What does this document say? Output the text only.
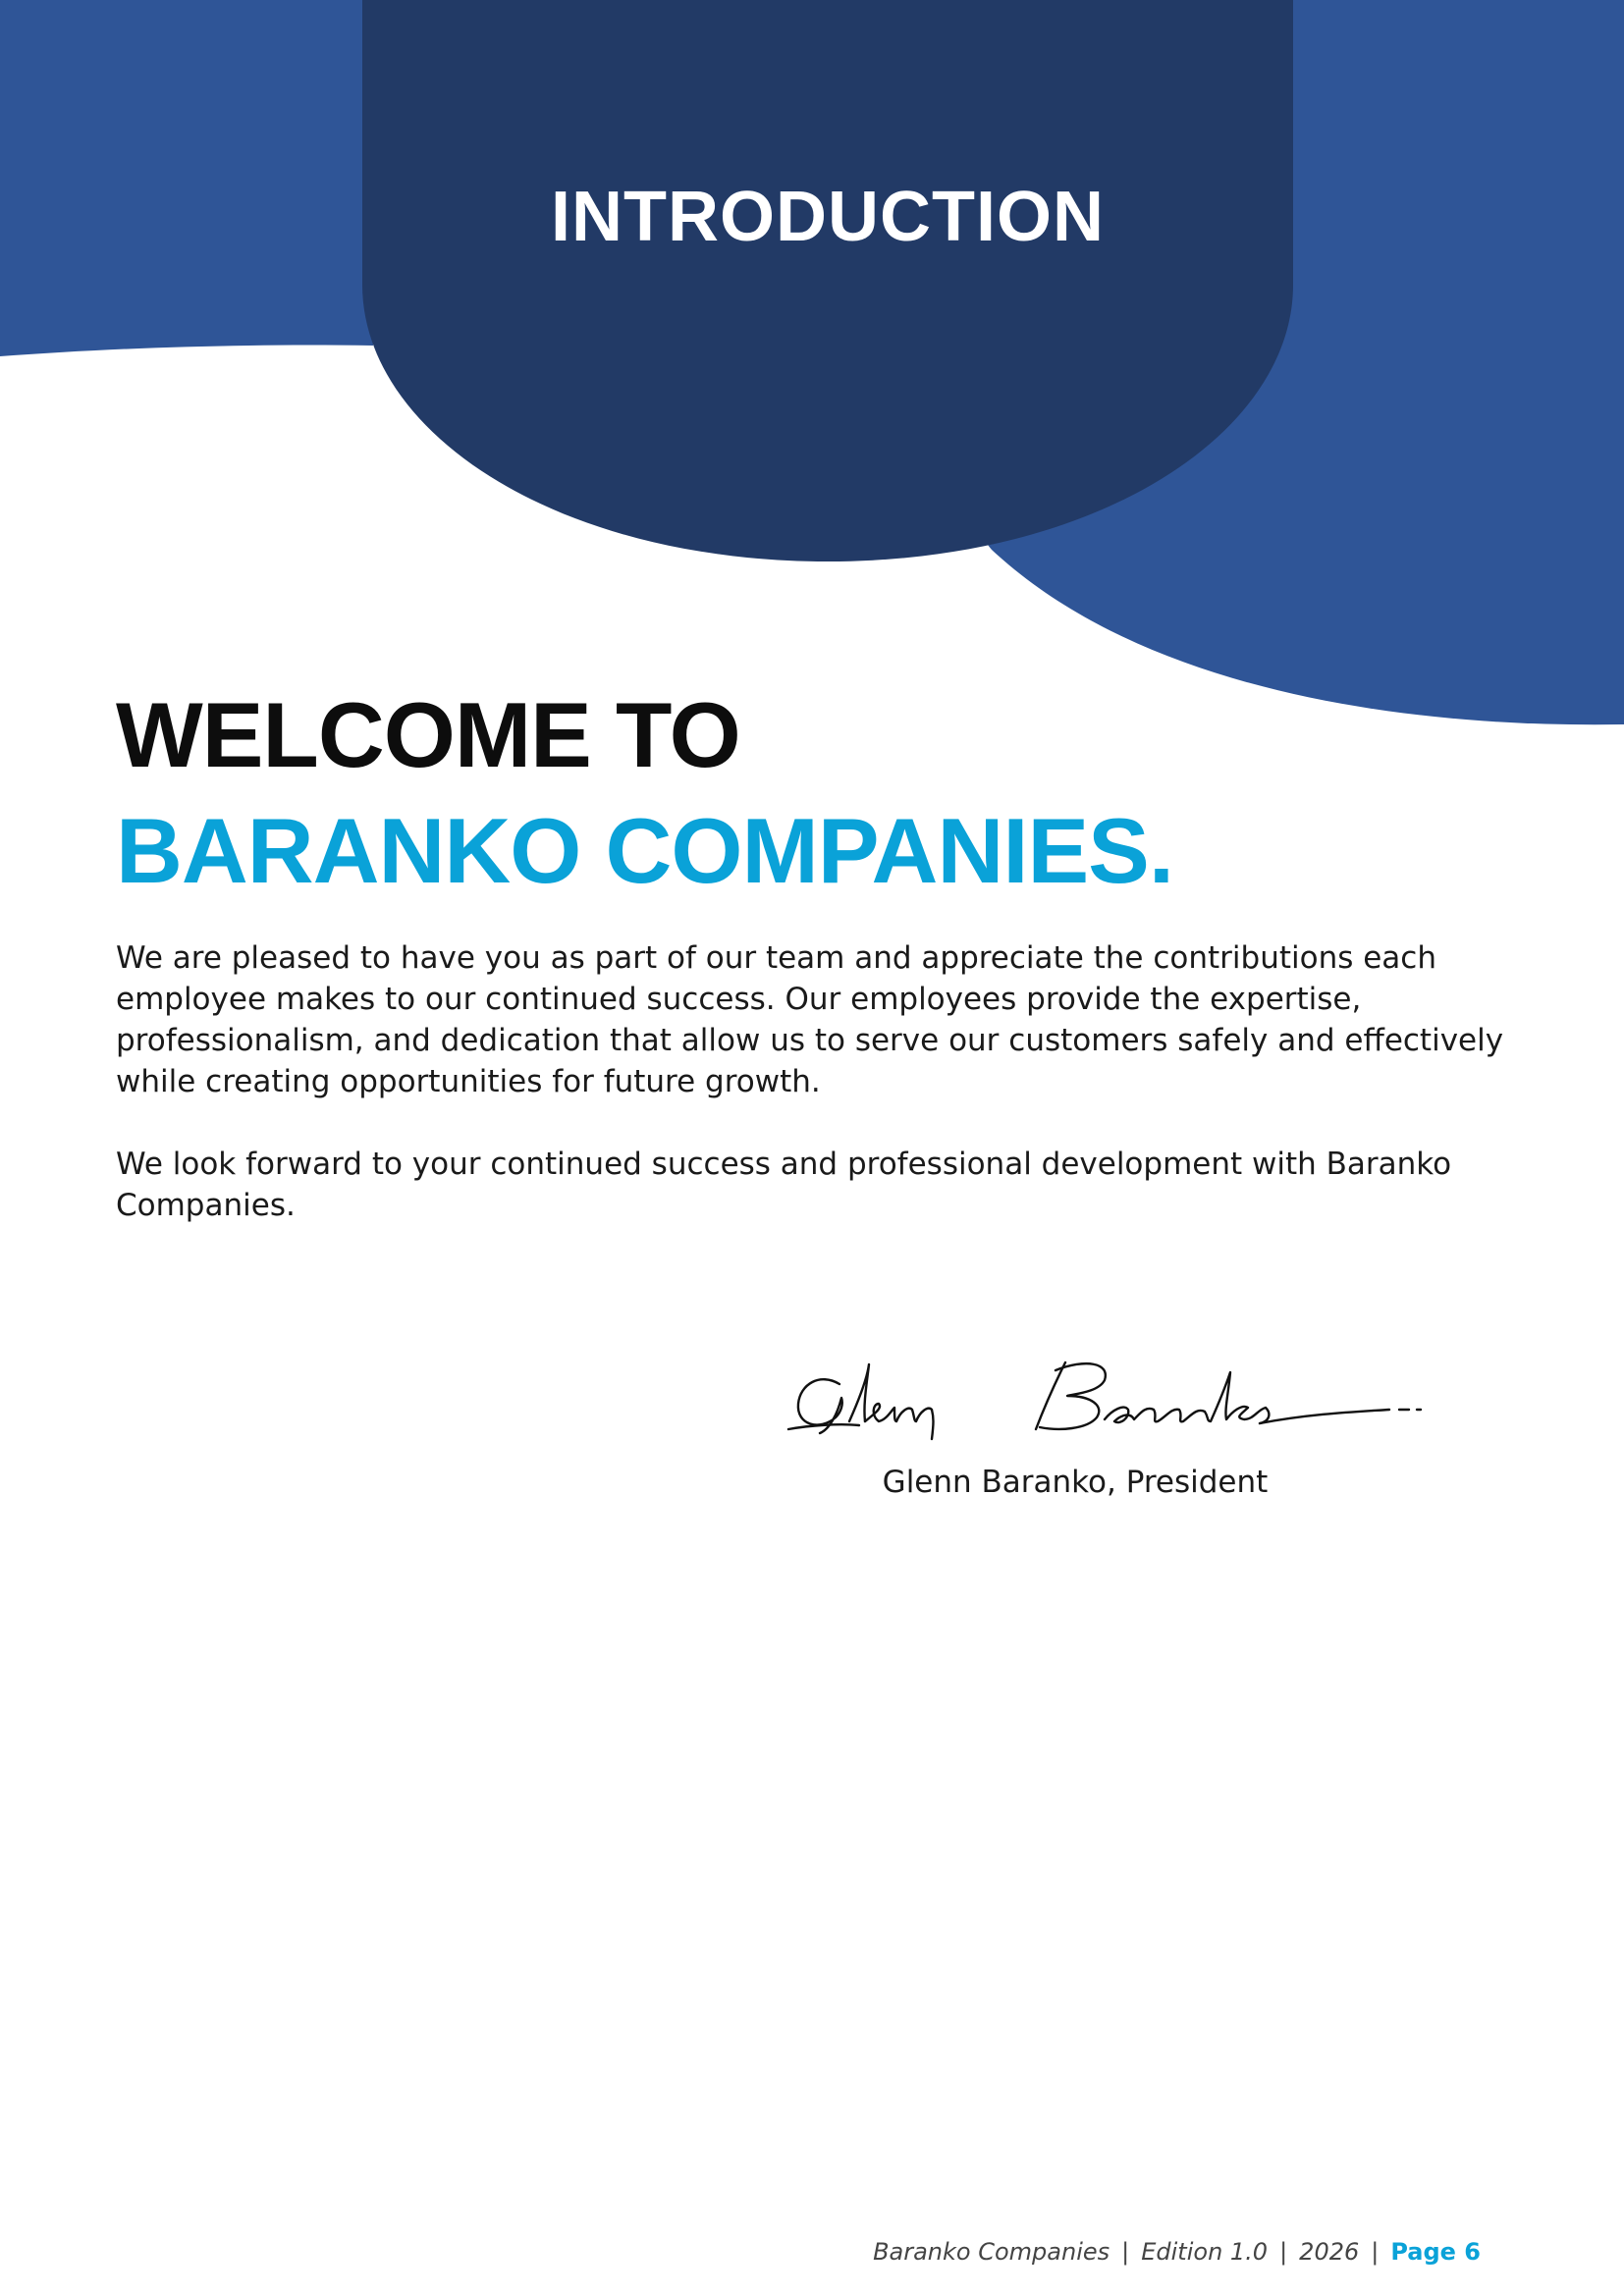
INTRODUCTION
WELCOME TO
BARANKO COMPANIES.

We are pleased to have you as part of our team and appreciate the contributions each employee makes to our continued success. Our employees provide the expertise, professionalism, and dedication that allow us to serve our customers safely and effectively while creating opportunities for future growth.

We look forward to your continued success and professional development with Baranko Companies.

Glenn Baranko, President
Baranko Companies | Edition 1.0 | 2026 | Page 6
